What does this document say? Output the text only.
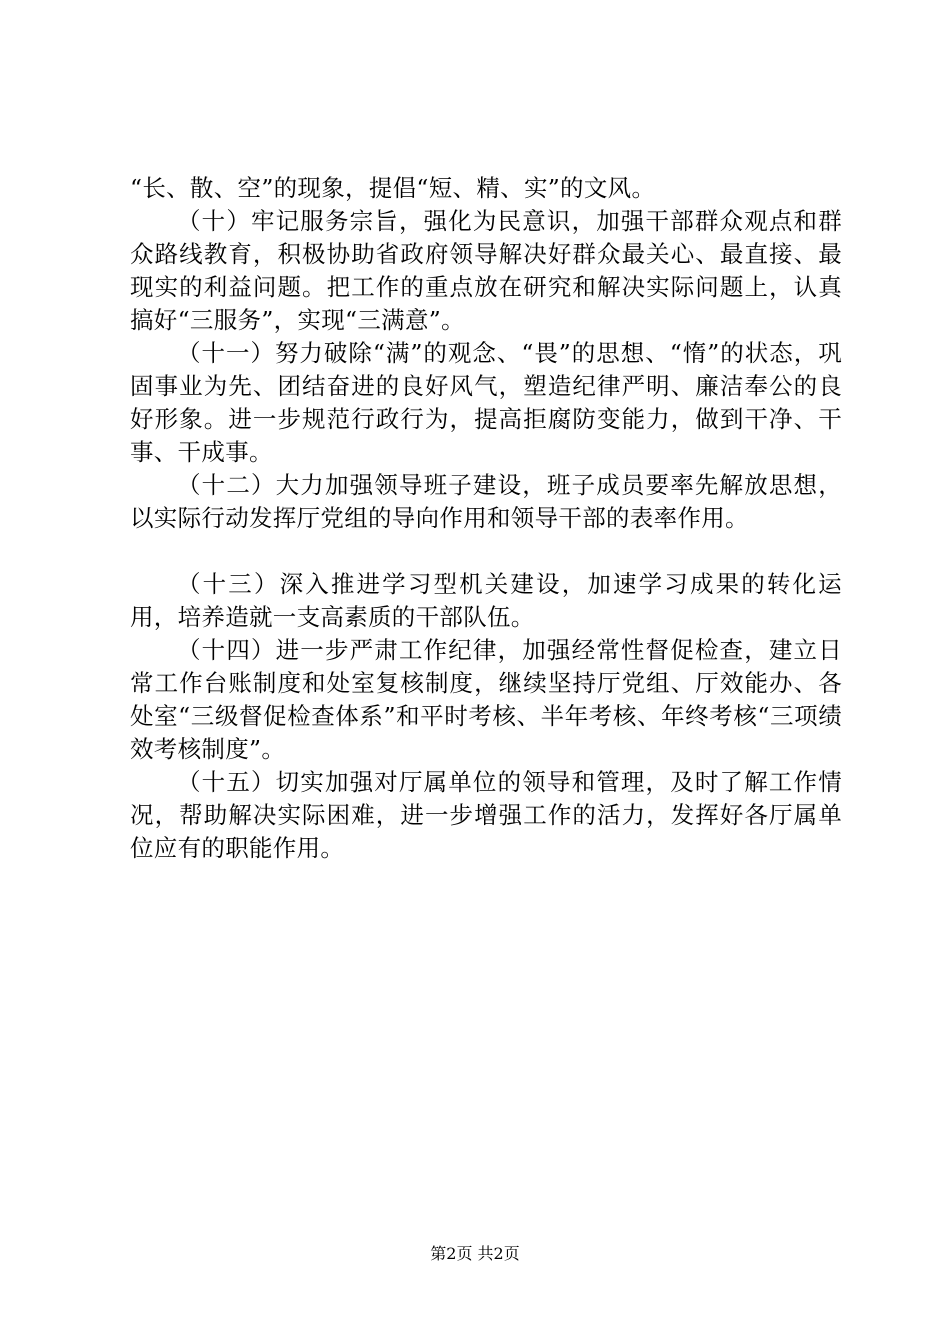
“长、散、空”的现象，提倡“短、精、实”的文风。

（十）牢记服务宗旨，强化为民意识，加强干部群众观点和群众路线教育，积极协助省政府领导解决好群众最关心、最直接、最现实的利益问题。把工作的重点放在研究和解决实际问题上，认真搞好“三服务”，实现“三满意”。

（十一）努力破除“满”的观念、“畏”的思想、“惰”的状态，巩固事业为先、团结奋进的良好风气，塑造纪律严明、廉洁奉公的良好形象。进一步规范行政行为，提高拒腐防变能力，做到干净、干事、干成事。

（十二）大力加强领导班子建设，班子成员要率先解放思想，以实际行动发挥厅党组的导向作用和领导干部的表率作用。

（十三）深入推进学习型机关建设，加速学习成果的转化运用，培养造就一支高素质的干部队伍。

（十四）进一步严肃工作纪律，加强经常性督促检查，建立日常工作台账制度和处室复核制度，继续坚持厅党组、厅效能办、各处室“三级督促检查体系”和平时考核、半年考核、年终考核“三项绩效考核制度”。

（十五）切实加强对厅属单位的领导和管理，及时了解工作情况，帮助解决实际困难，进一步增强工作的活力，发挥好各厅属单位应有的职能作用。

第2页 共2页
